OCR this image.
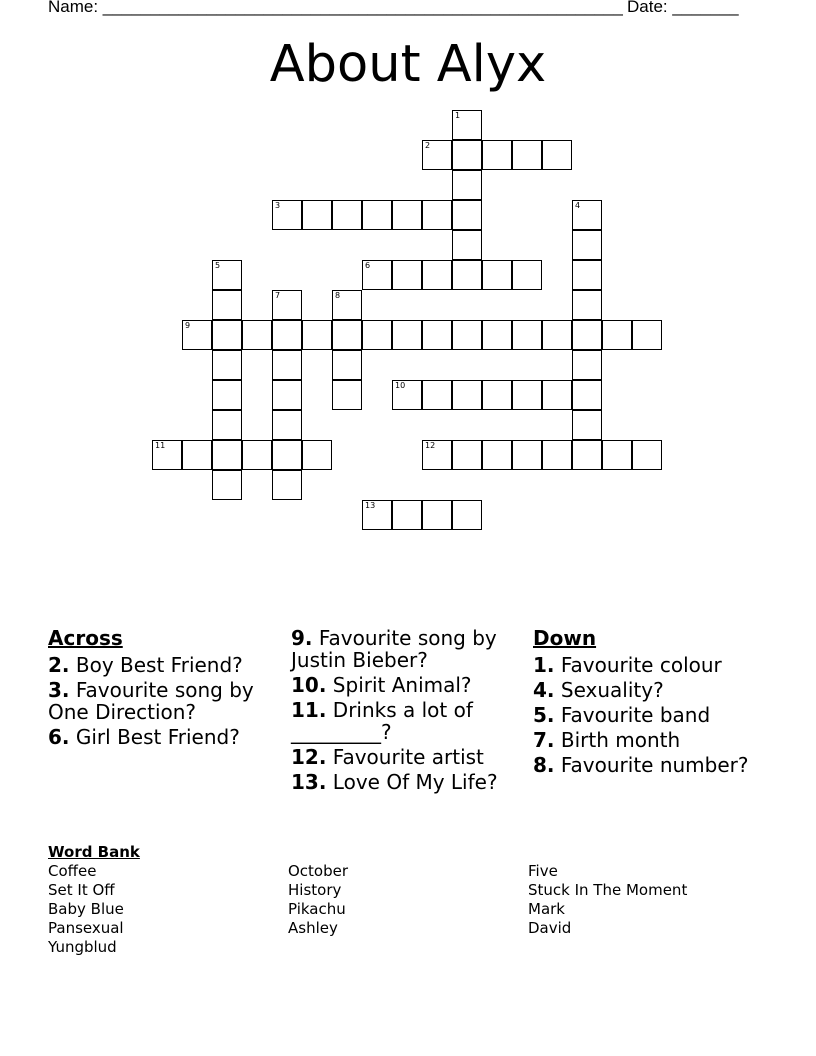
Name: _______________________________________________________ Date: _______
About Alyx
1
2
3	4
5	6
7	8
9
10
11	12
13
Across
2. Boy Best Friend?
3. Favourite song by One Direction?
6. Girl Best Friend?
9. Favourite song by Justin Bieber?
10. Spirit Animal?
11. Drinks a lot of _________?
12. Favourite artist
13. Love Of My Life?
Down
1. Favourite colour
4. Sexuality?
5. Favourite band
7. Birth month
8. Favourite number?
Word Bank
Coffee
Set It Off
Baby Blue
Pansexual
Yungblud
October
History
Pikachu
Ashley
Five
Stuck In The Moment
Mark
David
